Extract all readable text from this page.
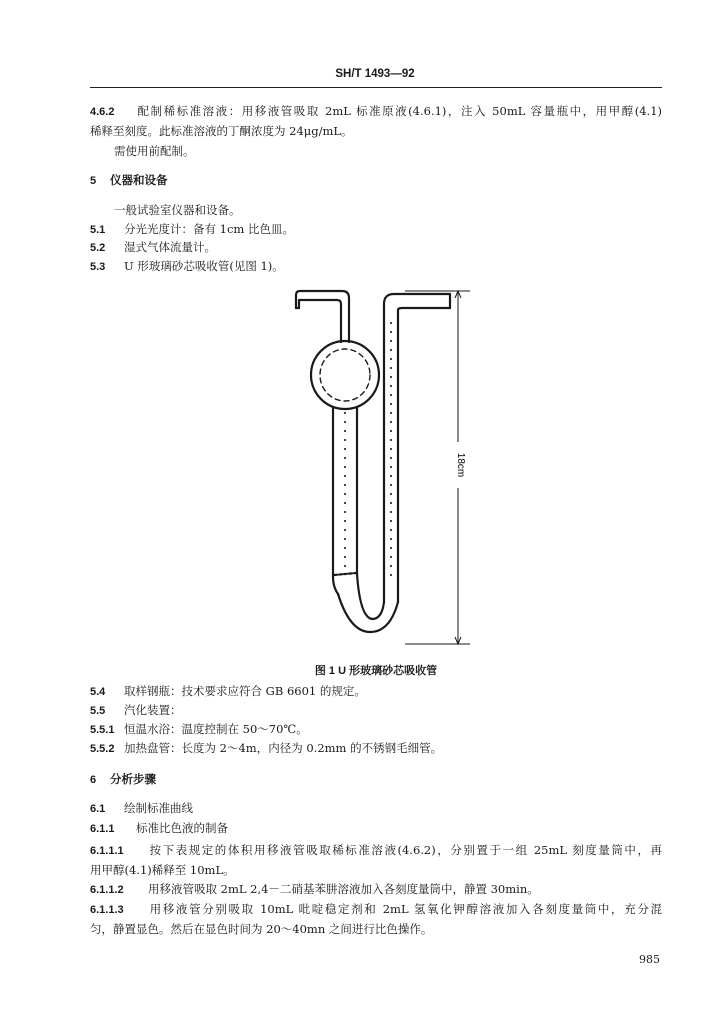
SH/T 1493—92
4.6.2 配制稀标准溶液：用移液管吸取 2mL 标准原液(4.6.1)，注入 50mL 容量瓶中，用甲醇(4.1)
稀释至刻度。此标准溶液的丁酮浓度为 24μg/mL。
需使用前配制。
5 仪器和设备
一般试验室仪器和设备。
5.1 分光光度计：备有 1cm 比色皿。
5.2 湿式气体流量计。
5.3 U 形玻璃砂芯吸收管(见图 1)。
18cm
图 1 U 形玻璃砂芯吸收管
5.4 取样钢瓶：技术要求应符合 GB 6601 的规定。
5.5 汽化装置：
5.5.1 恒温水浴：温度控制在 50～70℃。
5.5.2 加热盘管：长度为 2～4m，内径为 0.2mm 的不锈钢毛细管。
6 分析步骤
6.1 绘制标准曲线
6.1.1 标准比色液的制备
6.1.1.1 按下表规定的体积用移液管吸取稀标准溶液(4.6.2)，分别置于一组 25mL 刻度量筒中，再
用甲醇(4.1)稀释至 10mL。
6.1.1.2 用移液管吸取 2mL 2,4－二硝基苯肼溶液加入各刻度量筒中，静置 30min。
6.1.1.3 用移液管分别吸取 10mL 吡啶稳定剂和 2mL 氢氧化钾醇溶液加入各刻度量筒中，充分混
匀，静置显色。然后在显色时间为 20～40mn 之间进行比色操作。
985
